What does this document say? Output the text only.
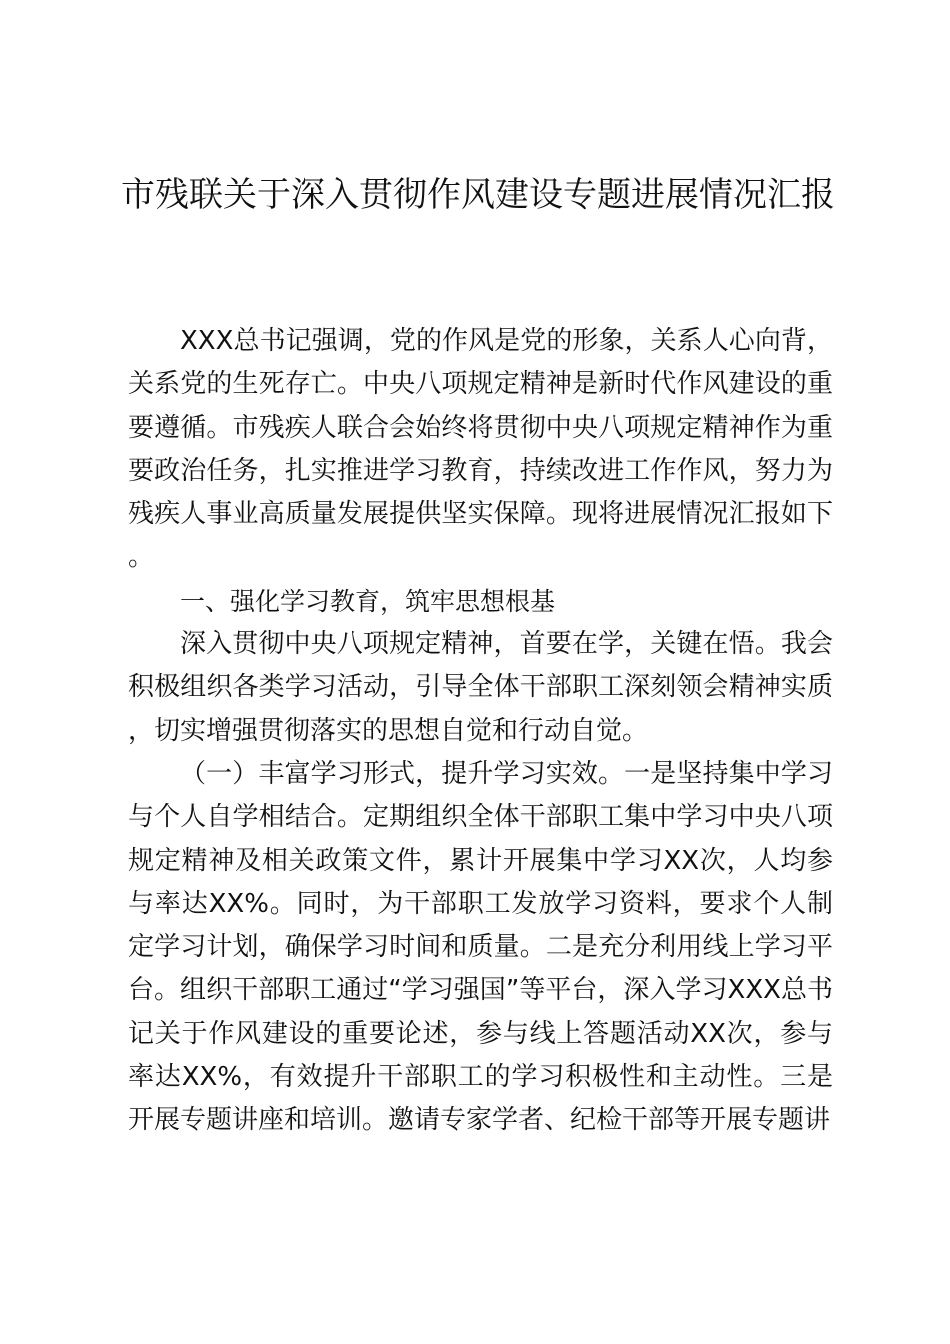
市残联关于深入贯彻作风建设专题进展情况汇报

XXX总书记强调，党的作风是党的形象，关系人心向背，关系党的生死存亡。中央八项规定精神是新时代作风建设的重要遵循。市残疾人联合会始终将贯彻中央八项规定精神作为重要政治任务，扎实推进学习教育，持续改进工作作风，努力为残疾人事业高质量发展提供坚实保障。现将进展情况汇报如下。

一、强化学习教育，筑牢思想根基

深入贯彻中央八项规定精神，首要在学，关键在悟。我会积极组织各类学习活动，引导全体干部职工深刻领会精神实质，切实增强贯彻落实的思想自觉和行动自觉。

（一）丰富学习形式，提升学习实效。一是坚持集中学习与个人自学相结合。定期组织全体干部职工集中学习中央八项规定精神及相关政策文件，累计开展集中学习XX次，人均参与率达XX%。同时，为干部职工发放学习资料，要求个人制定学习计划，确保学习时间和质量。二是充分利用线上学习平台。组织干部职工通过“学习强国”等平台，深入学习XXX总书记关于作风建设的重要论述，参与线上答题活动XX次，参与率达XX%，有效提升干部职工的学习积极性和主动性。三是开展专题讲座和培训。邀请专家学者、纪检干部等开展专题讲
